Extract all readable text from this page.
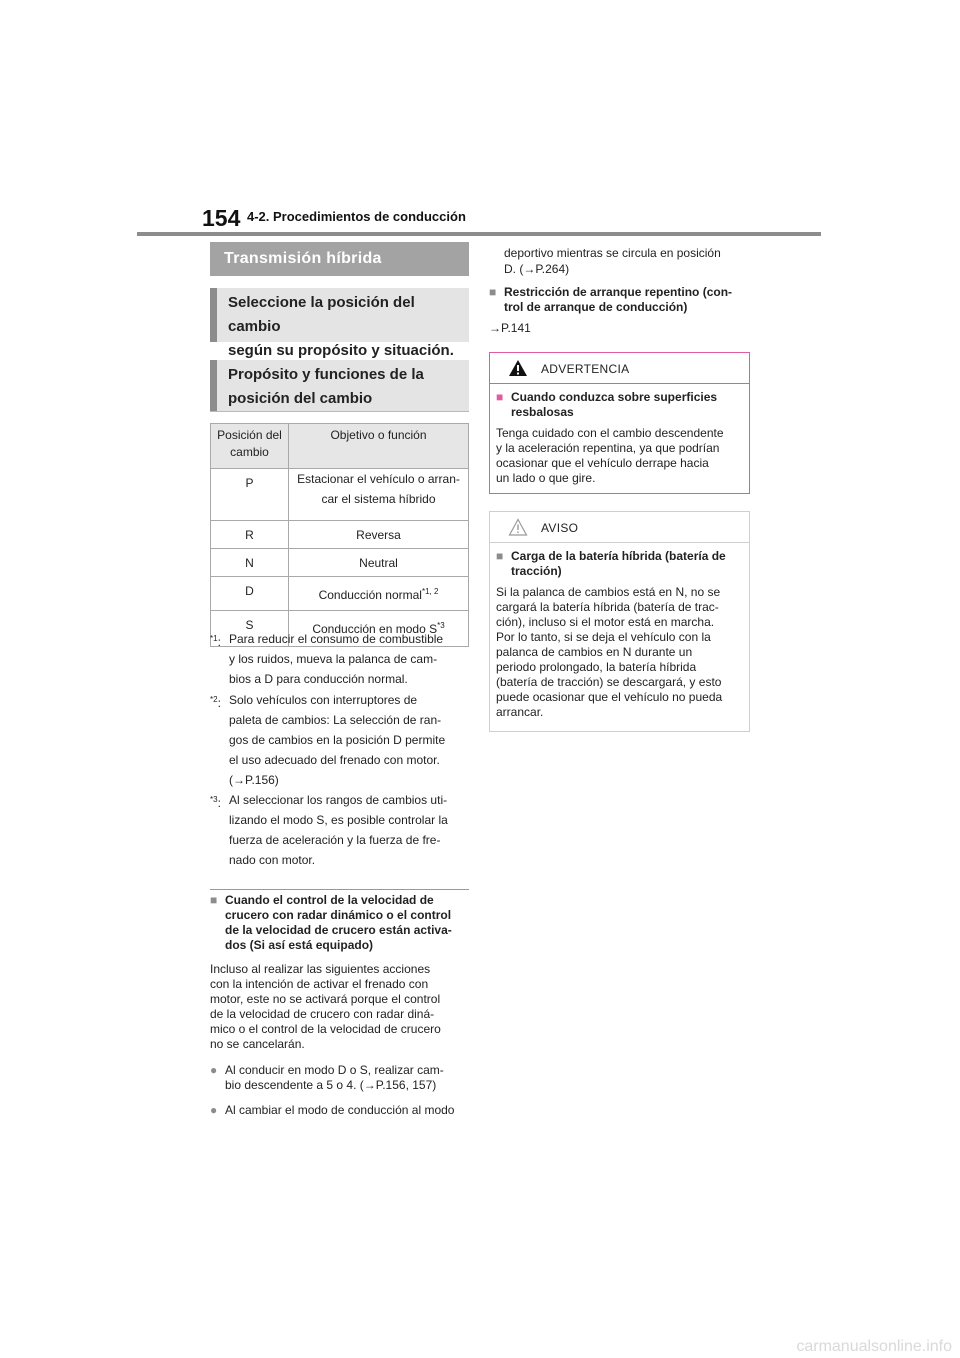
154 4-2. Procedimientos de conducción
Transmisión híbrida
Seleccione la posición del cambio
según su propósito y situación.
Propósito y funciones de la
posición del cambio
Posición del cambio	Objetivo o función
P	Estacionar el vehículo o arran-
car el sistema híbrido

R	Reversa
N	Neutral
D	Conducción normal$^{*1, 2}$
S	Conducción en modo $S^{*3}$
$^{*1}$: Para reducir el consumo de combustible
y los ruidos, mueva la palanca de cam-
bios a D para conducción normal.
$^{*2}$: Solo vehículos con interruptores de
paleta de cambios: La selección de ran-
gos de cambios en la posición D permite
el uso adecuado del frenado con motor.
(→P.156)
$^{*3}$: Al seleccionar los rangos de cambios uti-
lizando el modo S, es posible controlar la
fuerza de aceleración y la fuerza de fre-
nado con motor.
■ Cuando el control de la velocidad de
crucero con radar dinámico o el control
de la velocidad de crucero están activa-
dos (Si así está equipado)
Incluso al realizar las siguientes acciones
con la intención de activar el frenado con
motor, este no se activará porque el control
de la velocidad de crucero con radar diná-
mico o el control de la velocidad de crucero
no se cancelarán.
● Al conducir en modo D o S, realizar cam-
bio descendente a 5 o 4. (→P.156, 157)
● Al cambiar el modo de conducción al modo
deportivo mientras se circula en posición
D. (→P.264)
■ Restricción de arranque repentino (con-
trol de arranque de conducción)
→P.141
ADVERTENCIA
■ Cuando conduzca sobre superficies
resbalosas
Tenga cuidado con el cambio descendente
y la aceleración repentina, ya que podrían
ocasionar que el vehículo derrape hacia
un lado o que gire.
AVISO
■ Carga de la batería híbrida (batería de
tracción)
Si la palanca de cambios está en N, no se
cargará la batería híbrida (batería de trac-
ción), incluso si el motor está en marcha.
Por lo tanto, si se deja el vehículo con la
palanca de cambios en N durante un
periodo prolongado, la batería híbrida
(batería de tracción) se descargará, y esto
puede ocasionar que el vehículo no pueda
arrancar.
carmanualsonline.info
